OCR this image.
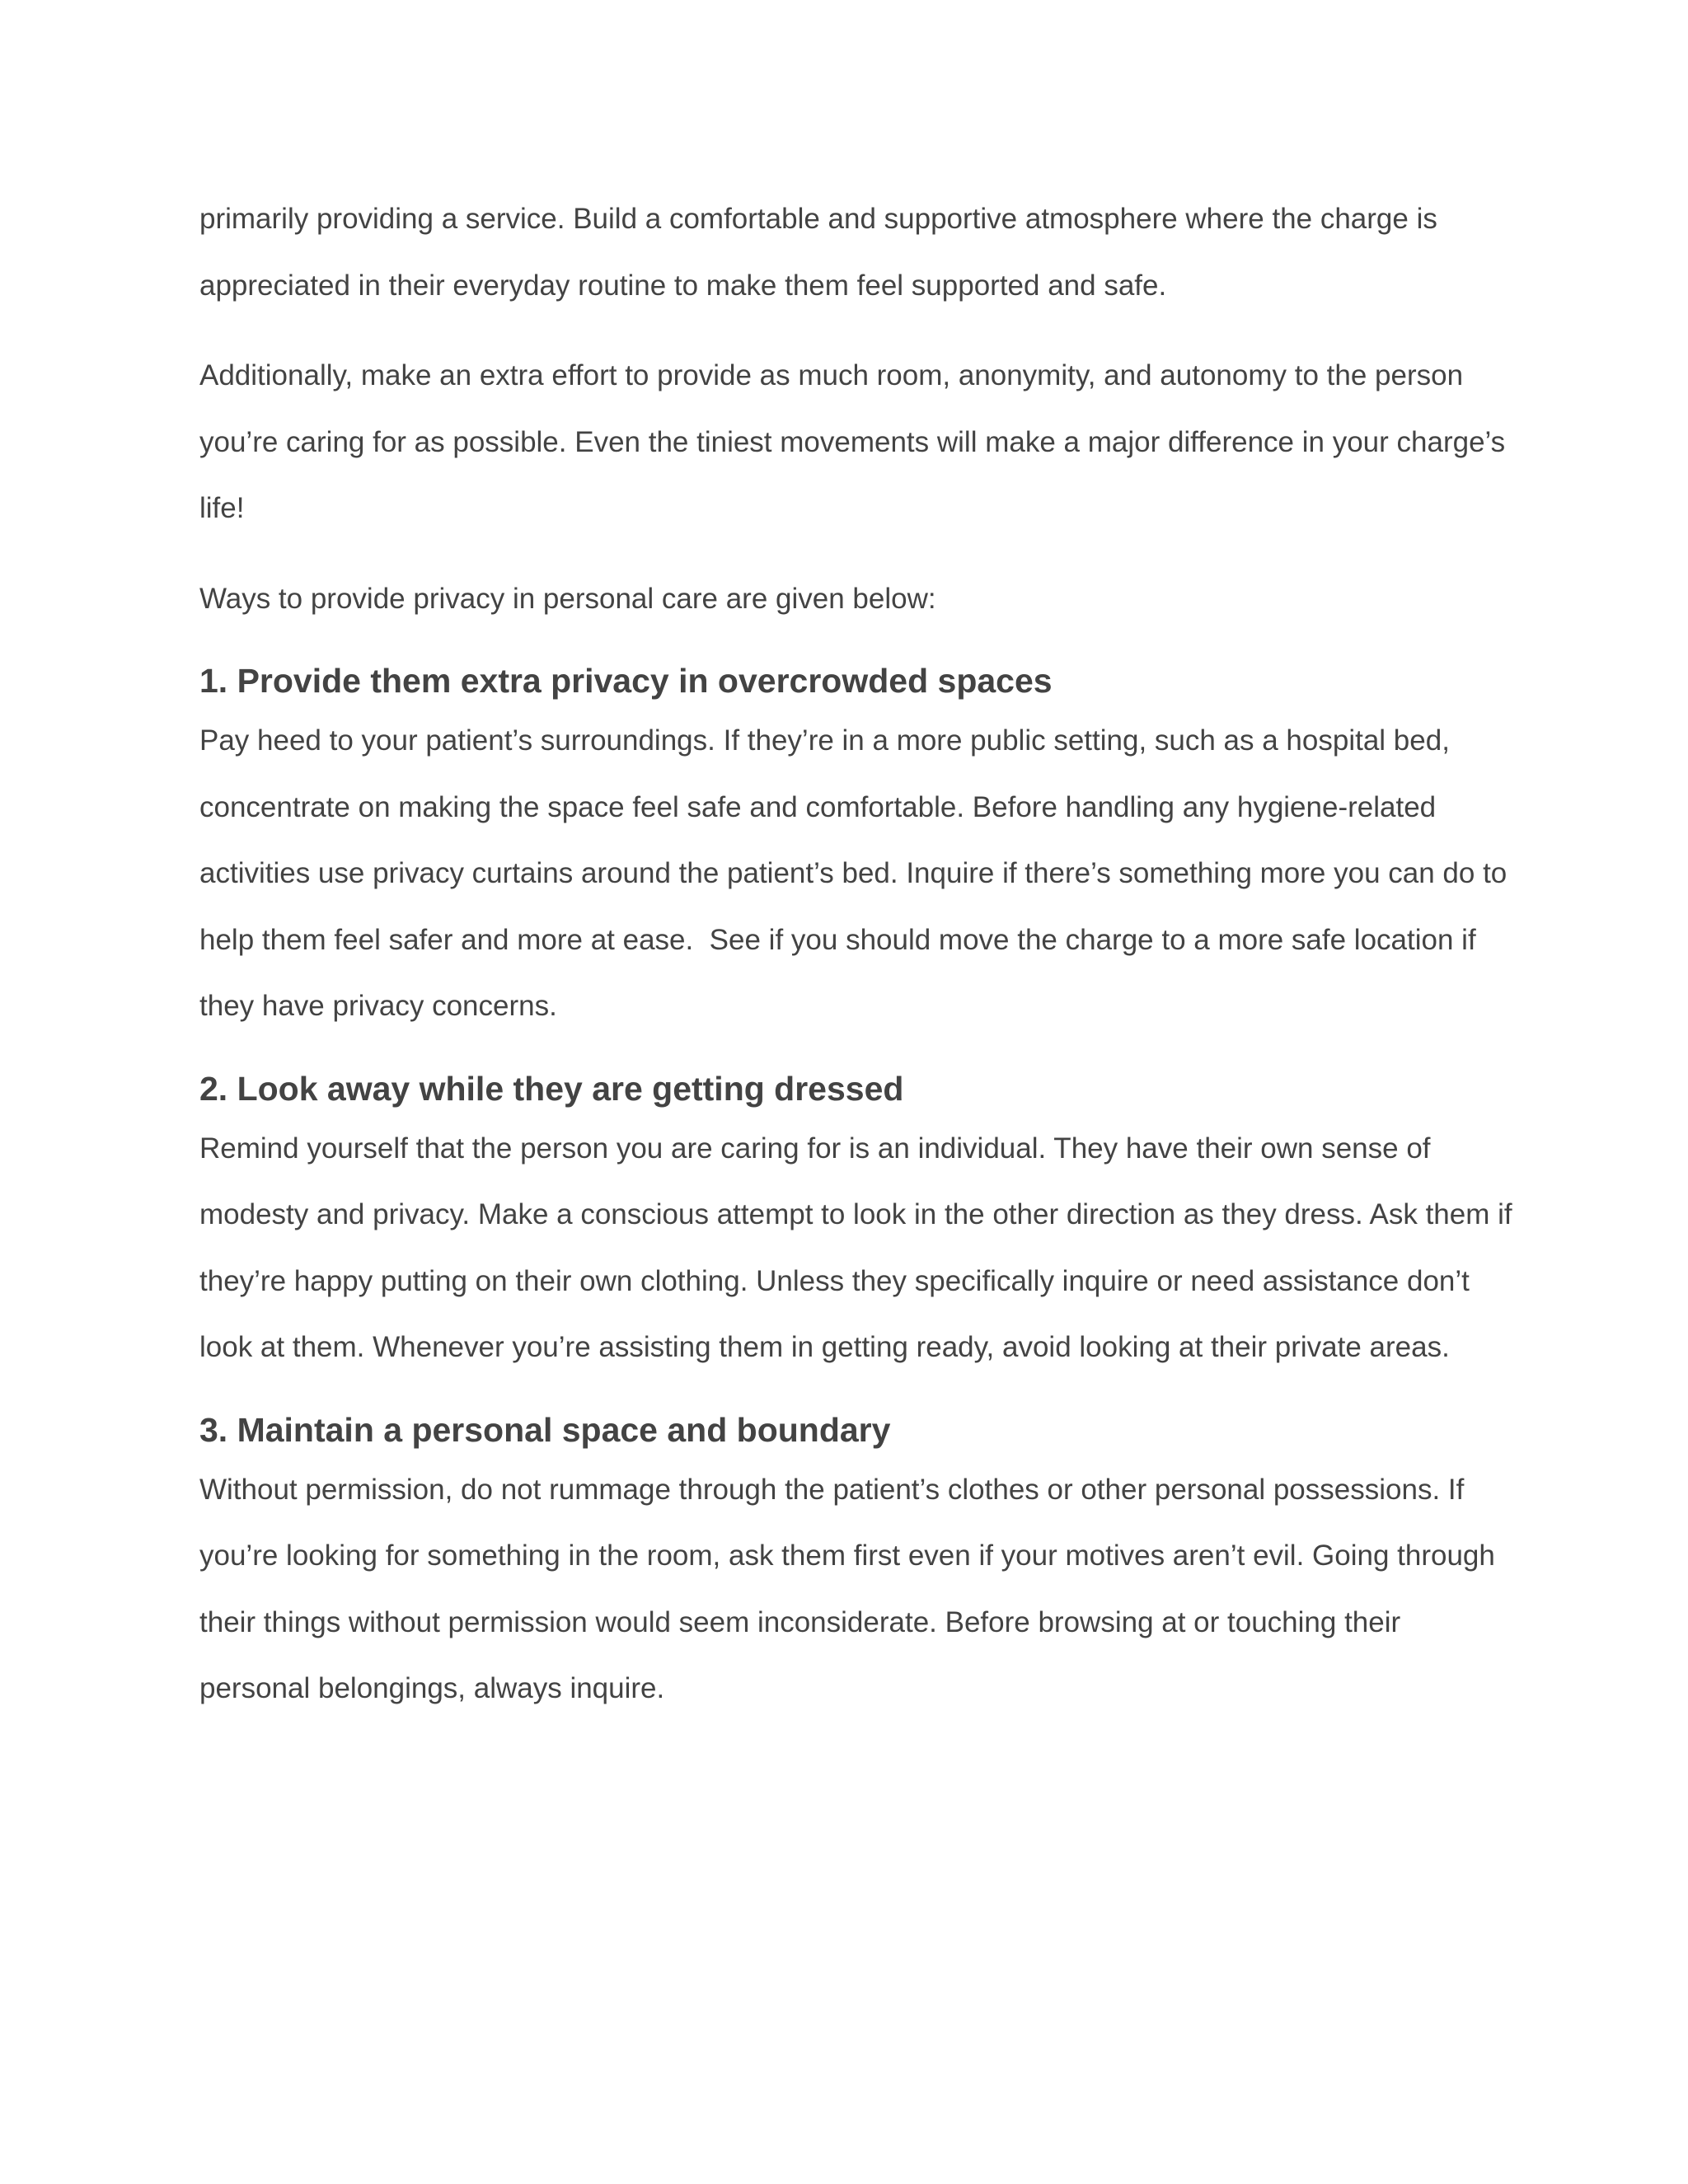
primarily providing a service. Build a comfortable and supportive atmosphere where the charge is appreciated in their everyday routine to make them feel supported and safe.

Additionally, make an extra effort to provide as much room, anonymity, and autonomy to the person you’re caring for as possible. Even the tiniest movements will make a major difference in your charge’s life!

Ways to provide privacy in personal care are given below:

1. Provide them extra privacy in overcrowded spaces

Pay heed to your patient’s surroundings. If they’re in a more public setting, such as a hospital bed, concentrate on making the space feel safe and comfortable. Before handling any hygiene-related activities use privacy curtains around the patient’s bed. Inquire if there’s something more you can do to help them feel safer and more at ease.  See if you should move the charge to a more safe location if they have privacy concerns.

2. Look away while they are getting dressed

Remind yourself that the person you are caring for is an individual. They have their own sense of modesty and privacy. Make a conscious attempt to look in the other direction as they dress. Ask them if they’re happy putting on their own clothing. Unless they specifically inquire or need assistance don’t look at them. Whenever you’re assisting them in getting ready, avoid looking at their private areas.

3. Maintain a personal space and boundary

Without permission, do not rummage through the patient’s clothes or other personal possessions. If you’re looking for something in the room, ask them first even if your motives aren’t evil. Going through their things without permission would seem inconsiderate. Before browsing at or touching their personal belongings, always inquire.
